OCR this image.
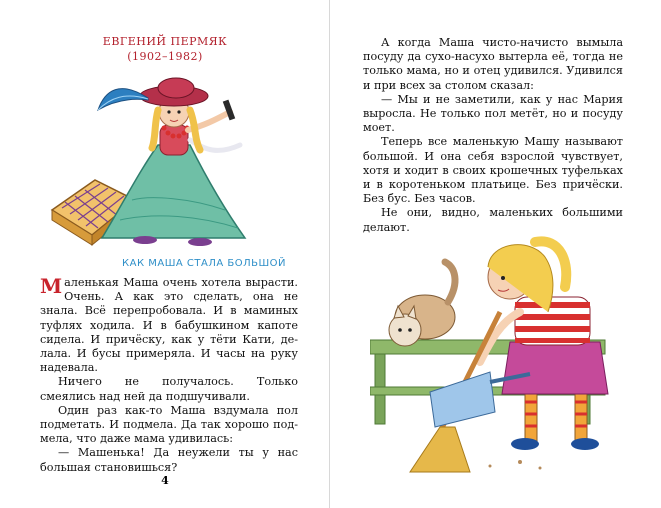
ЕВГЕНИЙ ПЕРМЯК
(1902–1982)
КАК МАША СТАЛА БОЛЬШОЙ

Маленькая Маша очень хотела вырасти. Очень. А как это сделать, она не знала. Всё перепробовала. И в маминых туфлях ходила. И в бабушкином капоте сидела. И причёску, как у тёти Кати, делала. И бусы примеряла. И часы на руку надевала.

Ничего не получалось. Только смеялись над ней да подшучивали.

Один раз как-то Маша вздумала пол подметать. И подмела. Да так хорошо подмела, что даже мама удивилась:

— Машенька! Да неужели ты у нас большая становишься?

4

А когда Маша чисто-начисто вымыла посуду да сухо-насухо вытерла её, тогда не только мама, но и отец удивился. Удивился и при всех за столом сказал:

— Мы и не заметили, как у нас Мария выросла. Не только пол метёт, но и посуду моет.

Теперь все маленькую Машу называют большой. И она себя взрослой чувствует, хотя и ходит в своих крошечных туфельках и в коротеньком платьице. Без причёски. Без бус. Без часов.

Не они, видно, маленьких большими делают.
